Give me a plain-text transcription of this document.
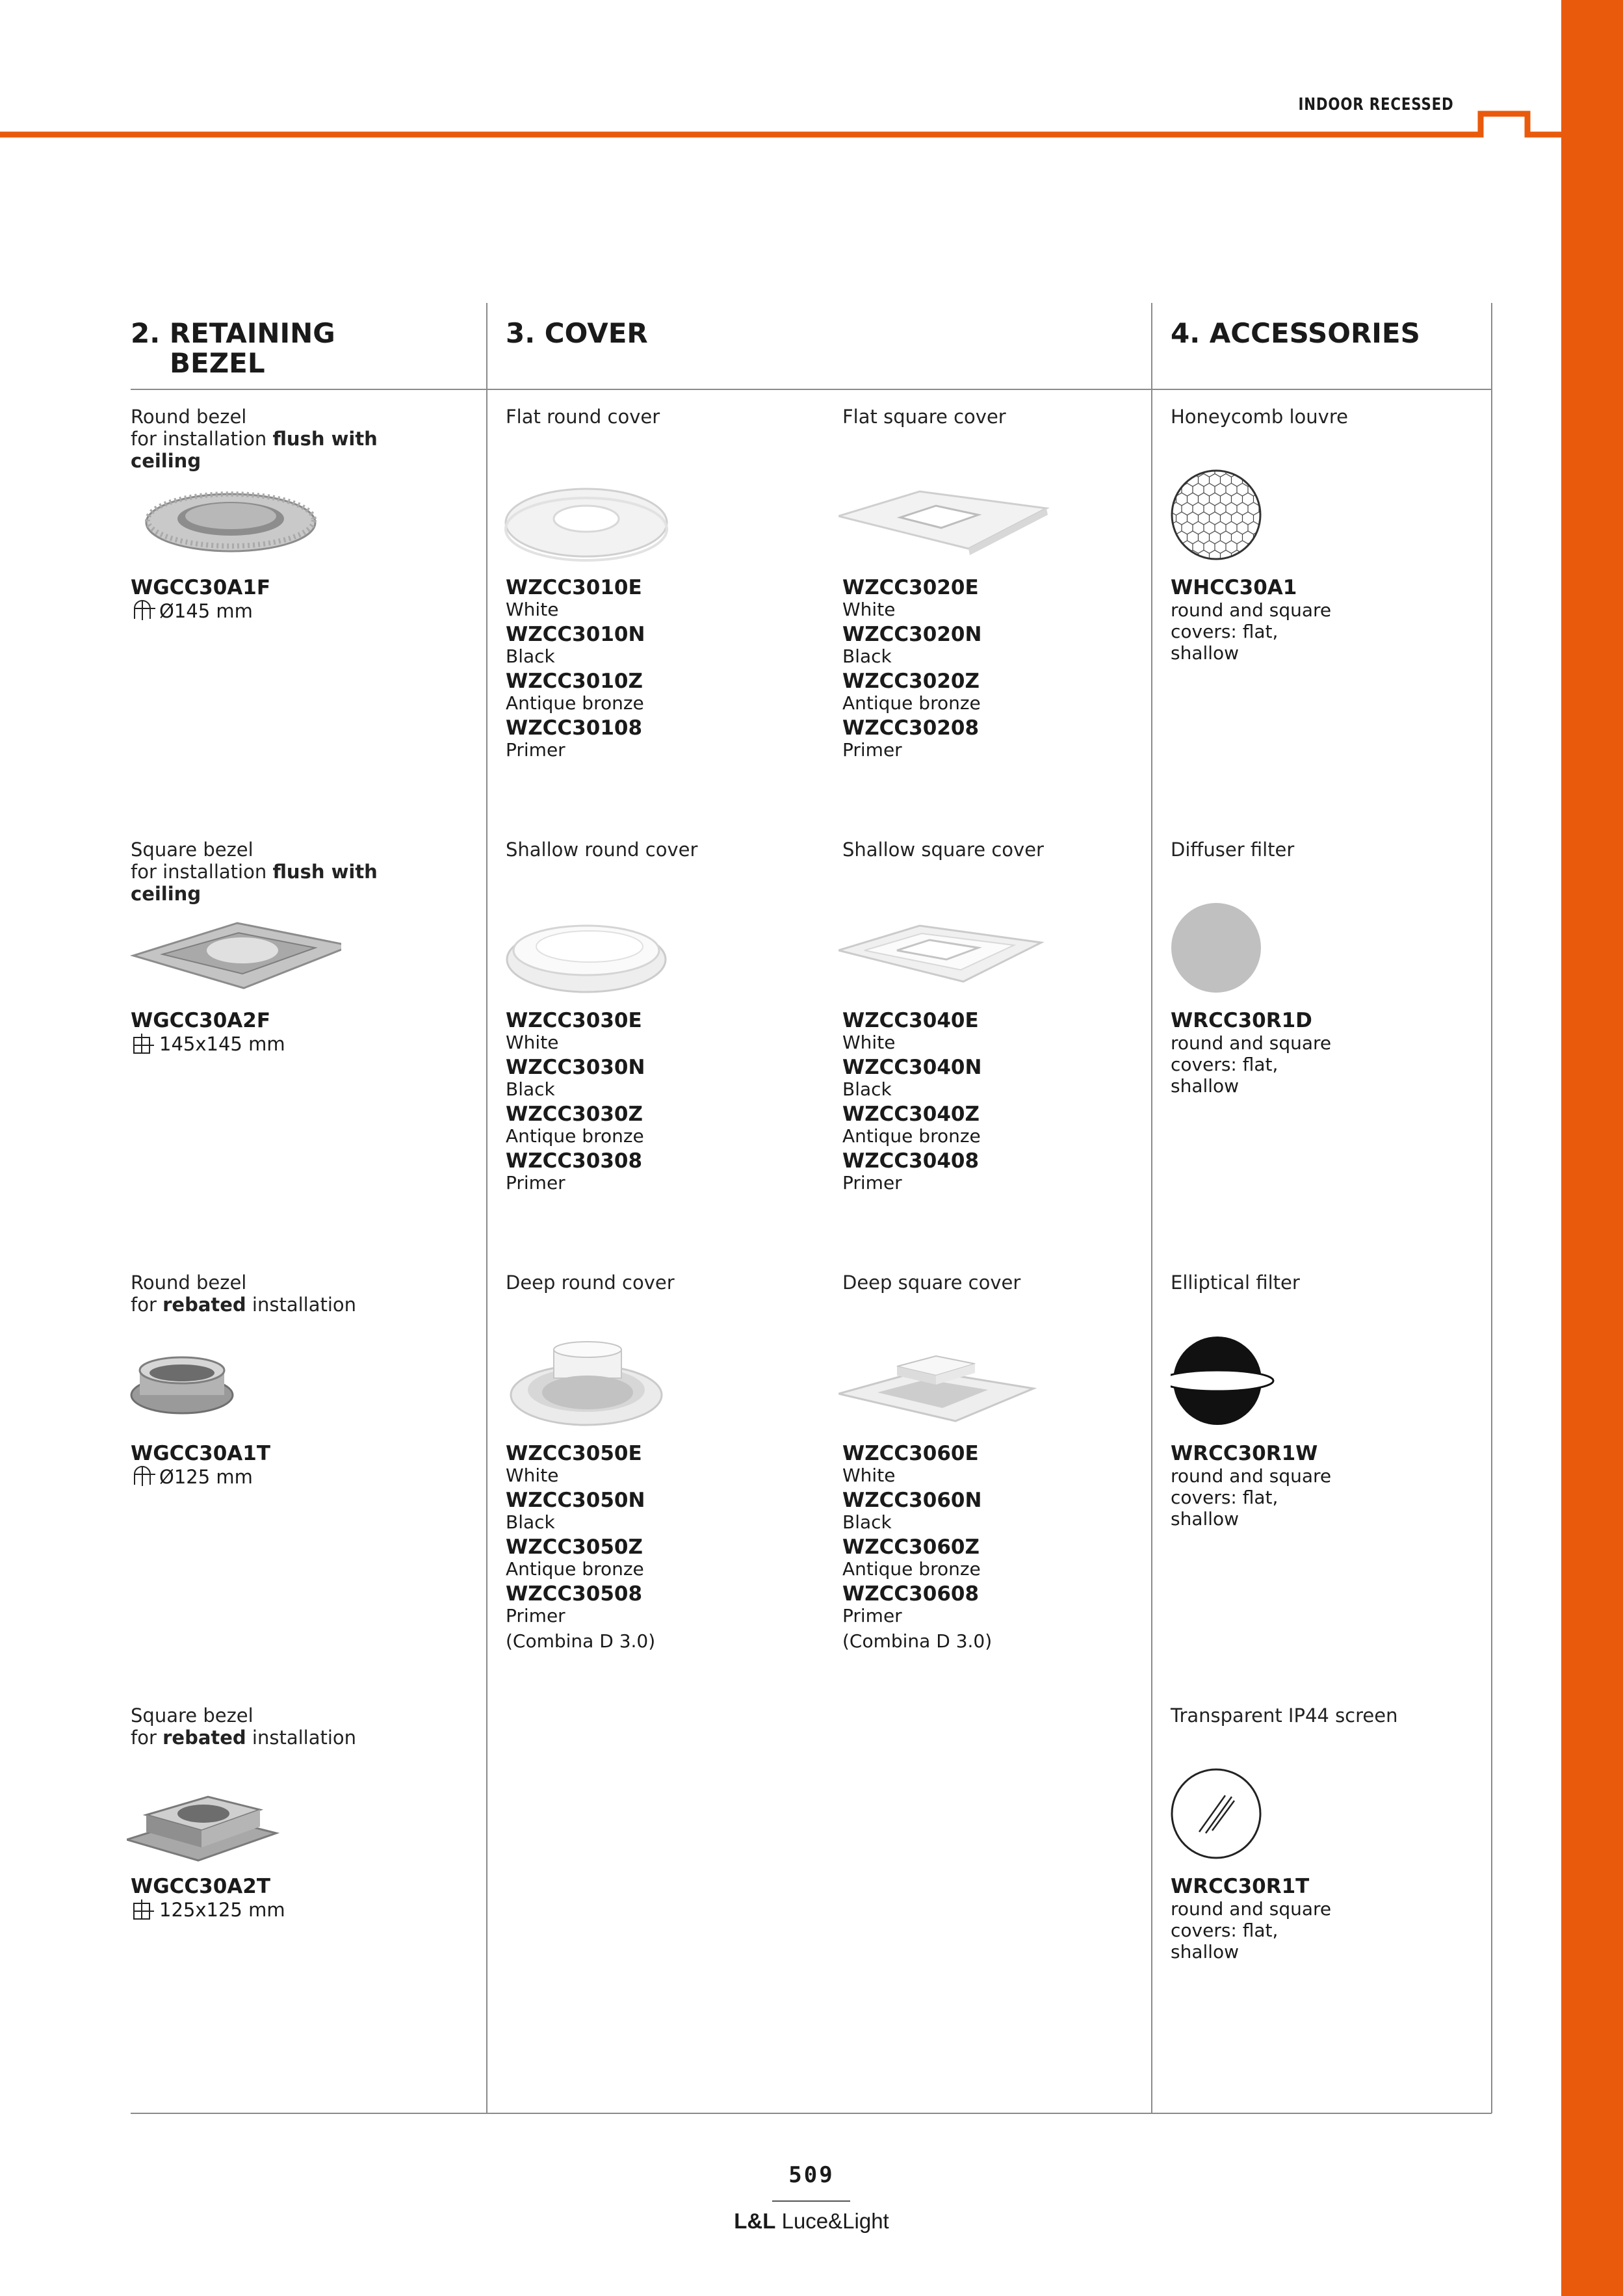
INDOOR RECESSED
2. RETAINING
BEZEL
3. COVER	4. ACCESSORIES
Round bezel
for installation flush with ceiling
WGCC30A1F
Ø145 mm
Square bezel
for installation flush with ceiling
WGCC30A2F
145x145 mm
Round bezel
for rebated installation
WGCC30A1T
Ø125 mm
Square bezel
for rebated installation
WGCC30A2T
125x125 mm
Flat round cover
WZCC3010E
White
WZCC3010N
Black
WZCC3010Z
Antique bronze
WZCC30108
Primer
Flat square cover
WZCC3020E
White
WZCC3020N
Black
WZCC3020Z
Antique bronze
WZCC30208
Primer
Shallow round cover
WZCC3030E
White
WZCC3030N
Black
WZCC3030Z
Antique bronze
WZCC30308
Primer
Shallow square cover
WZCC3040E
White
WZCC3040N
Black
WZCC3040Z
Antique bronze
WZCC30408
Primer
Deep round cover
WZCC3050E
White
WZCC3050N
Black
WZCC3050Z
Antique bronze
WZCC30508
Primer
(Combina D 3.0)
Deep square cover
WZCC3060E
White
WZCC3060N
Black
WZCC3060Z
Antique bronze
WZCC30608
Primer
(Combina D 3.0)
Honeycomb louvre
WHCC30A1
round and square covers: flat, shallow
Diffuser filter
WRCC30R1D
round and square covers: flat, shallow
Elliptical filter
WRCC30R1W
round and square covers: flat, shallow
Transparent IP44 screen
WRCC30R1T
round and square covers: flat, shallow
509
L&L Luce&Light
